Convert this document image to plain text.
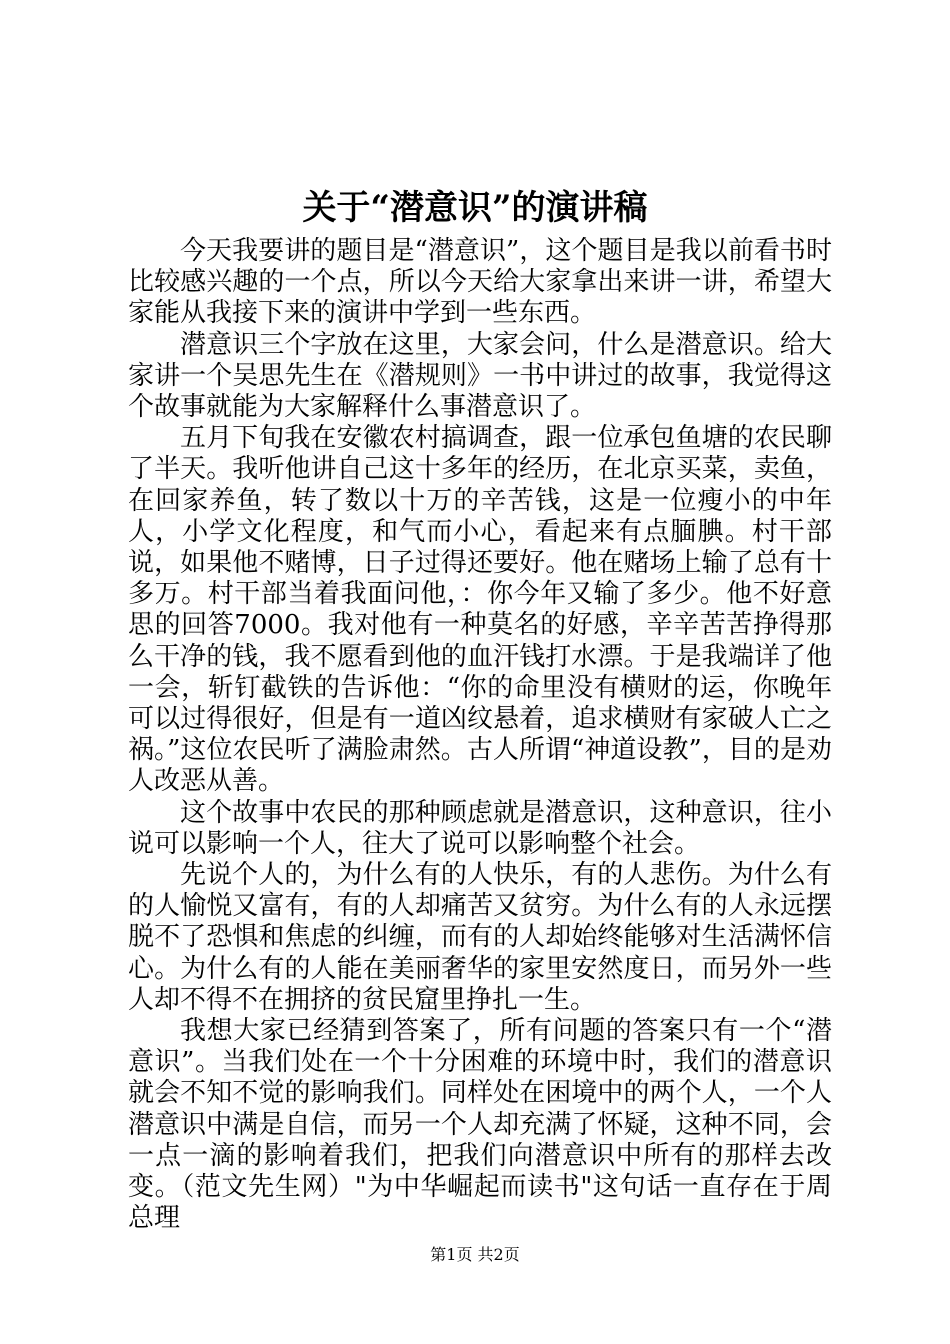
关于“潜意识”的演讲稿

今天我要讲的题目是“潜意识”，这个题目是我以前看书时比较感兴趣的一个点，所以今天给大家拿出来讲一讲，希望大家能从我接下来的演讲中学到一些东西。

潜意识三个字放在这里，大家会问，什么是潜意识。给大家讲一个吴思先生在《潜规则》一书中讲过的故事，我觉得这个故事就能为大家解释什么事潜意识了。

五月下旬我在安徽农村搞调查，跟一位承包鱼塘的农民聊了半天。我听他讲自己这十多年的经历，在北京买菜，卖鱼，在回家养鱼，转了数以十万的辛苦钱，这是一位瘦小的中年人，小学文化程度，和气而小心，看起来有点腼腆。村干部说，如果他不赌博，日子过得还要好。他在赌场上输了总有十多万。村干部当着我面问他，：你今年又输了多少。他不好意思的回答7000。我对他有一种莫名的好感，辛辛苦苦挣得那么干净的钱，我不愿看到他的血汗钱打水漂。于是我端详了他一会，斩钉截铁的告诉他：“你的命里没有横财的运，你晚年可以过得很好，但是有一道凶纹悬着，追求横财有家破人亡之祸。”这位农民听了满脸肃然。古人所谓“神道设教”，目的是劝人改恶从善。

这个故事中农民的那种顾虑就是潜意识，这种意识，往小说可以影响一个人，往大了说可以影响整个社会。

先说个人的，为什么有的人快乐，有的人悲伤。为什么有的人愉悦又富有，有的人却痛苦又贫穷。为什么有的人永远摆脱不了恐惧和焦虑的纠缠，而有的人却始终能够对生活满怀信心。为什么有的人能在美丽奢华的家里安然度日，而另外一些人却不得不在拥挤的贫民窟里挣扎一生。

我想大家已经猜到答案了，所有问题的答案只有一个“潜意识”。当我们处在一个十分困难的环境中时，我们的潜意识就会不知不觉的影响我们。同样处在困境中的两个人，一个人潜意识中满是自信，而另一个人却充满了怀疑，这种不同，会一点一滴的影响着我们，把我们向潜意识中所有的那样去改变。（范文先生网）"为中华崛起而读书"这句话一直存在于周总理

第1页 共2页
